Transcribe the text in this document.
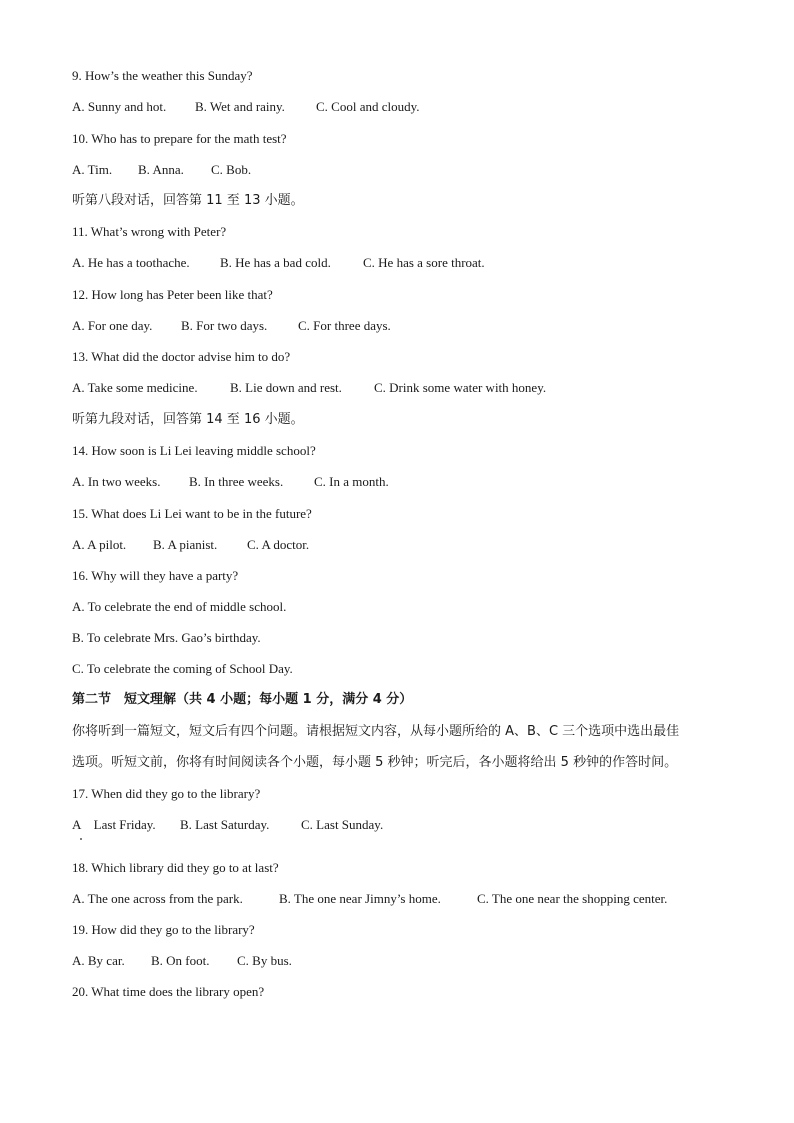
9. How’s the weather this Sunday?
A. Sunny and hot. B. Wet and rainy. C. Cool and cloudy.
10. Who has to prepare for the math test?
A. Tim. B. Anna. C. Bob.
听第八段对话，回答第 11 至 13 小题。
11. What’s wrong with Peter?
A. He has a toothache. B. He has a bad cold. C. He has a sore throat.
12. How long has Peter been like that?
A. For one day. B. For two days. C. For three days.
13. What did the doctor advise him to do?
A. Take some medicine. B. Lie down and rest. C. Drink some water with honey.
听第九段对话，回答第 14 至 16 小题。
14. How soon is Li Lei leaving middle school?
A. In two weeks. B. In three weeks. C. In a month.
15. What does Li Lei want to be in the future?
A. A pilot. B. A pianist. C. A doctor.
16. Why will they have a party?
A. To celebrate the end of middle school.
B. To celebrate Mrs. Gao’s birthday.
C. To celebrate the coming of School Day.
第二节　短文理解（共 4 小题；每小题 1 分，满分 4 分）
你将听到一篇短文，短文后有四个问题。请根据短文内容，从每小题所给的 A、B、C 三个选项中选出最佳
选项。听短文前，你将有时间阅读各个小题，每小题 5 秒钟；听完后，各小题将给出 5 秒钟的作答时间。
17. When did they go to the library?
A　Last Friday. B. Last Saturday. C. Last Sunday.
18. Which library did they go to at last?
A. The one across from the park.	B. The one near Jimny’s home.	C. The one near the shopping center.
19. How did they go to the library?
A. By car. B. On foot. C. By bus.
20. What time does the library open?
